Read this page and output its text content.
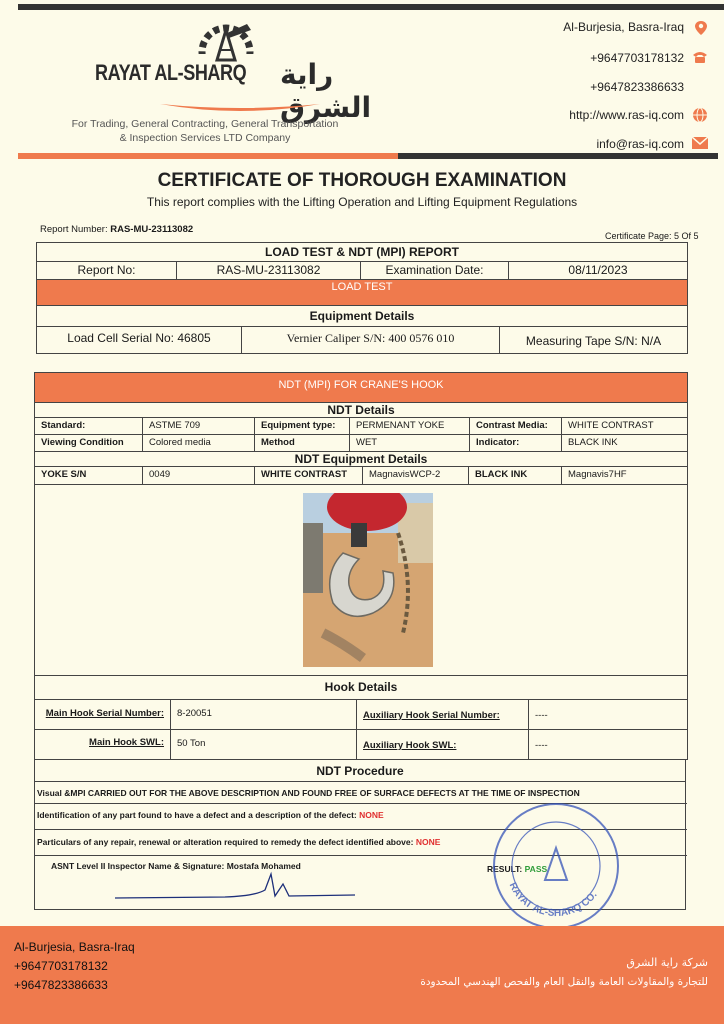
RAYAT AL-SHARQ راية الشرق
For Trading, General Contracting, General Transportation
& Inspection Services LTD Company
Al-Burjesia, Basra-Iraq
+9647703178132
+9647823386633
http://www.ras-iq.com
info@ras-iq.com
CERTIFICATE OF THOROUGH EXAMINATION
This report complies with the Lifting Operation and Lifting Equipment Regulations
Report Number: RAS-MU-23113082
Certificate Page: 5 Of 5
LOAD TEST & NDT (MPI) REPORT
Report No:	RAS-MU-23113082	Examination Date:	08/11/2023
LOAD TEST
Equipment Details
Load Cell Serial No: 46805	Vernier Caliper S/N: 400 0576 010	Measuring Tape S/N: N/A
NDT (MPI) FOR CRANE'S HOOK
NDT Details
Standard:	ASTME 709	Equipment type:	PERMENANT YOKE	Contrast Media:	WHITE CONTRAST
Viewing Condition	Colored media	Method	WET	Indicator:	BLACK INK
NDT Equipment Details
YOKE S/N	0049	WHITE CONTRAST	MagnavisWCP-2	BLACK INK	Magnavis7HF
Hook Details
Main Hook Serial Number:	8-20051	Auxiliary Hook Serial Number:	----
Main Hook SWL:	50 Ton	Auxiliary Hook SWL:	----
NDT Procedure
Visual &MPI CARRIED OUT FOR THE ABOVE DESCRIPTION AND FOUND FREE OF SURFACE DEFECTS AT THE TIME OF INSPECTION
Identification of any part found to have a defect and a description of the defect: NONE
Particulars of any repair, renewal or alteration required to remedy the defect identified above: NONE
ASNT Level II Inspector Name & Signature: Mostafa Mohamed	RESULT: PASS
RAYAT AL-SHARQ CO.
Al-Burjesia, Basra-Iraq
+9647703178132
+9647823386633
شركة راية الشرق
للتجارة والمقاولات العامة والنقل العام والفحص الهندسي المحدودة
